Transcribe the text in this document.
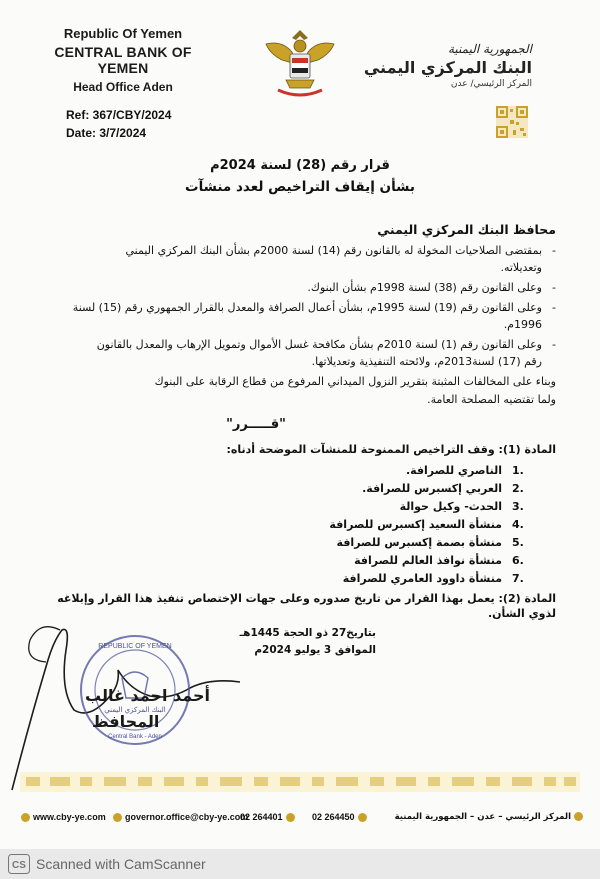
Republic Of Yemen
CENTRAL BANK OF YEMEN
Head Office Aden
Ref: 367/CBY/2024
Date: 3/7/2024
الجمهورية اليمنية
البنك المركزي اليمني
المركز الرئيسي/ عدن
قرار رقم (28) لسنة 2024م
بشأن إيقاف التراخيص لعدد منشآت
محافظ البنك المركزي اليمني
- بمقتضى الصلاحيات المخولة له بالقانون رقم (14) لسنة 2000م بشأن البنك المركزي اليمني
وتعديلاته.
- وعلى القانون رقم (38) لسنة 1998م بشأن البنوك.
- وعلى القانون رقم (19) لسنة 1995م، بشأن أعمال الصرافة والمعدل بالقرار الجمهوري رقم (15) لسنة
1996م.
- وعلى القانون رقم (1) لسنة 2010م بشأن مكافحة غسل الأموال وتمويل الإرهاب والمعدل بالقانون
رقم (17) لسنة2013م، ولائحته التنفيذية وتعديلاتها.
وبناء على المخالفات المثبتة بتقرير النزول الميداني المرفوع من قطاع الرقابة على البنوك
ولما تقتضيه المصلحة العامة.
"قـــــرر"
المادة (1): وقف التراخيص الممنوحة للمنشآت الموضحة أدناه:
1.
الناصري للصرافة.
2.
العربي إكسبرس للصرافة.
3.
الحدث- وكيل حوالة
4.
منشأة السعيد إكسبرس للصرافة
5.
منشأة بصمة إكسبرس للصرافة
6.
منشأة نوافذ العالم للصرافة
7.
منشأة داوود العامري للصرافة
المادة (2): يعمل بهذا القرار من تاريخ صدوره وعلى جهات الإختصاص تنفيذ هذا القرار وإبلاغه لذوي الشأن.
بتاريخ27 ذو الحجة 1445هـ
الموافق 3 يوليو 2024م
REPUBLIC OF YEMEN
البنك المركزي اليمني
Central Bank - Aden
أحمد احمد غالب
المحافظ
www.cby-ye.com	governor.office@cby-ye.com
02 264401	02 264450	المركز الرئيسي – عدن – الجمهورية اليمنية
CS Scanned with CamScanner
